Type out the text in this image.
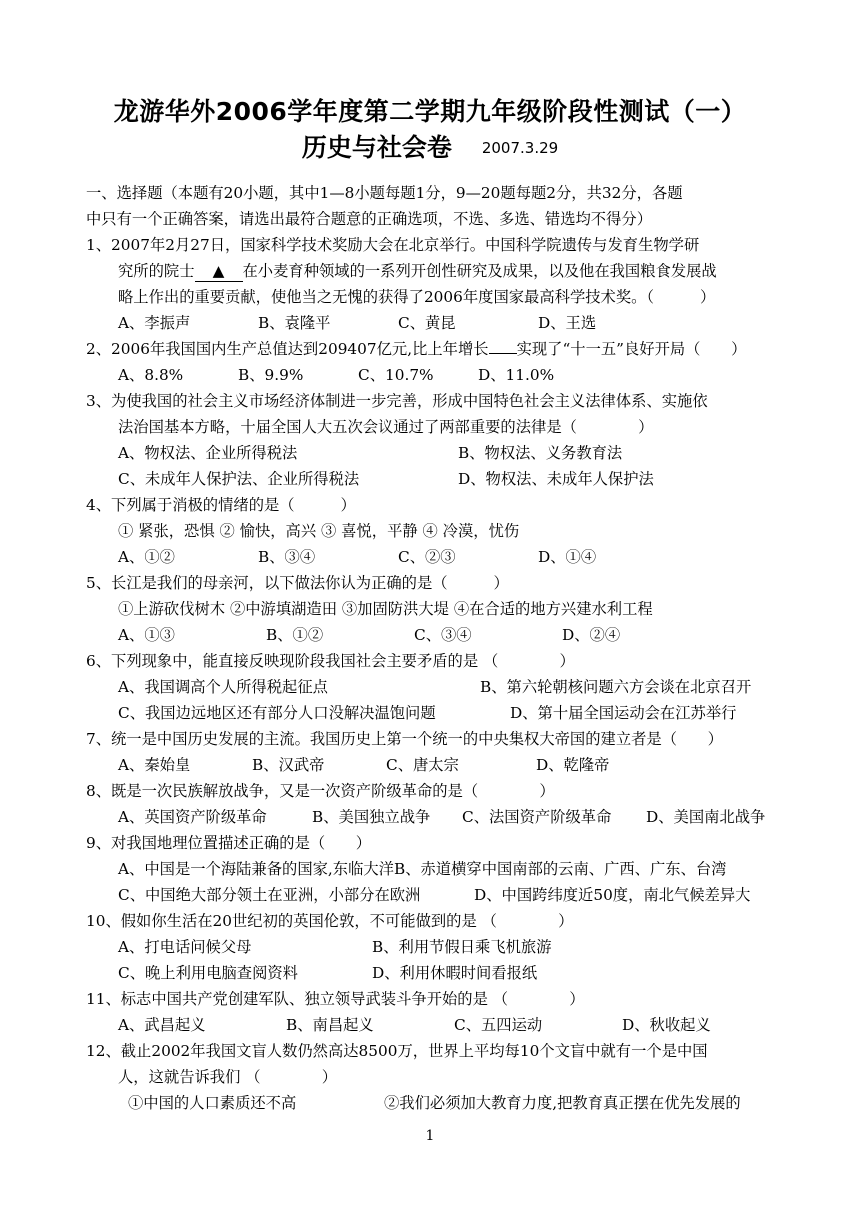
龙游华外2006学年度第二学期九年级阶段性测试（一）
历史与社会卷 2007.3.29
一、选择题（本题有20小题，其中1—8小题每题1分，9—20题每题2分，共32分，各题
中只有一个正确答案，请选出最符合题意的正确选项，不选、多选、错选均不得分）
1、2007年2月27日，国家科学技术奖励大会在北京举行。中国科学院遗传与发育生物学研
究所的院士 ▲ 在小麦育种领域的一系列开创性研究及成果，以及他在我国粮食发展战
略上作出的重要贡献，使他当之无愧的获得了2006年度国家最高科学技术奖。（　　　）
A、李振声	B、袁隆平	C、黄昆	D、王选
2、2006年我国国内生产总值达到209407亿元,比上年增长 实现了“十一五”良好开局（　　）
A、8.8%	B、9.9%	C、10.7%	D、11.0%
3、为使我国的社会主义市场经济体制进一步完善，形成中国特色社会主义法律体系、实施依
法治国基本方略，十届全国人大五次会议通过了两部重要的法律是（　　　　）
A、物权法、企业所得税法	B、物权法、义务教育法
C、未成年人保护法、企业所得税法	D、物权法、未成年人保护法
4、下列属于消极的情绪的是（　　　）
① 紧张，恐惧 ② 愉快，高兴 ③ 喜悦，平静 ④ 冷漠，忧伤
A、①②	B、③④	C、②③	D、①④
5、长江是我们的母亲河，以下做法你认为正确的是（　　　）
①上游砍伐树木 ②中游填湖造田 ③加固防洪大堤 ④在合适的地方兴建水利工程
A、①③	B、①②	C、③④	D、②④
6、下列现象中，能直接反映现阶段我国社会主要矛盾的是 （　　　　）
A、我国调高个人所得税起征点	B、第六轮朝核问题六方会谈在北京召开
C、我国边远地区还有部分人口没解决温饱问题	D、第十届全国运动会在江苏举行
7、统一是中国历史发展的主流。我国历史上第一个统一的中央集权大帝国的建立者是（　　）
A、秦始皇	B、汉武帝	C、唐太宗	D、乾隆帝
8、既是一次民族解放战争，又是一次资产阶级革命的是（　　　　）
A、英国资产阶级革命	B、美国独立战争 C、法国资产阶级革命 D、美国南北战争
9、对我国地理位置描述正确的是（　　）
A、中国是一个海陆兼备的国家,东临大洋B、赤道横穿中国南部的云南、广西、广东、台湾
C、中国绝大部分领土在亚洲，小部分在欧洲	D、中国跨纬度近50度，南北气候差异大
10、假如你生活在20世纪初的英国伦敦，不可能做到的是 （　　　　）
A、打电话问候父母	B、利用节假日乘飞机旅游
C、晚上利用电脑查阅资料	D、利用休暇时间看报纸
11、标志中国共产党创建军队、独立领导武装斗争开始的是 （　　　　）
A、武昌起义	B、南昌起义	C、五四运动	D、秋收起义
12、截止2002年我国文盲人数仍然高达8500万，世界上平均每10个文盲中就有一个是中国
人，这就告诉我们 （　　　　）
①中国的人口素质还不高	②我们必须加大教育力度,把教育真正摆在优先发展的
1
